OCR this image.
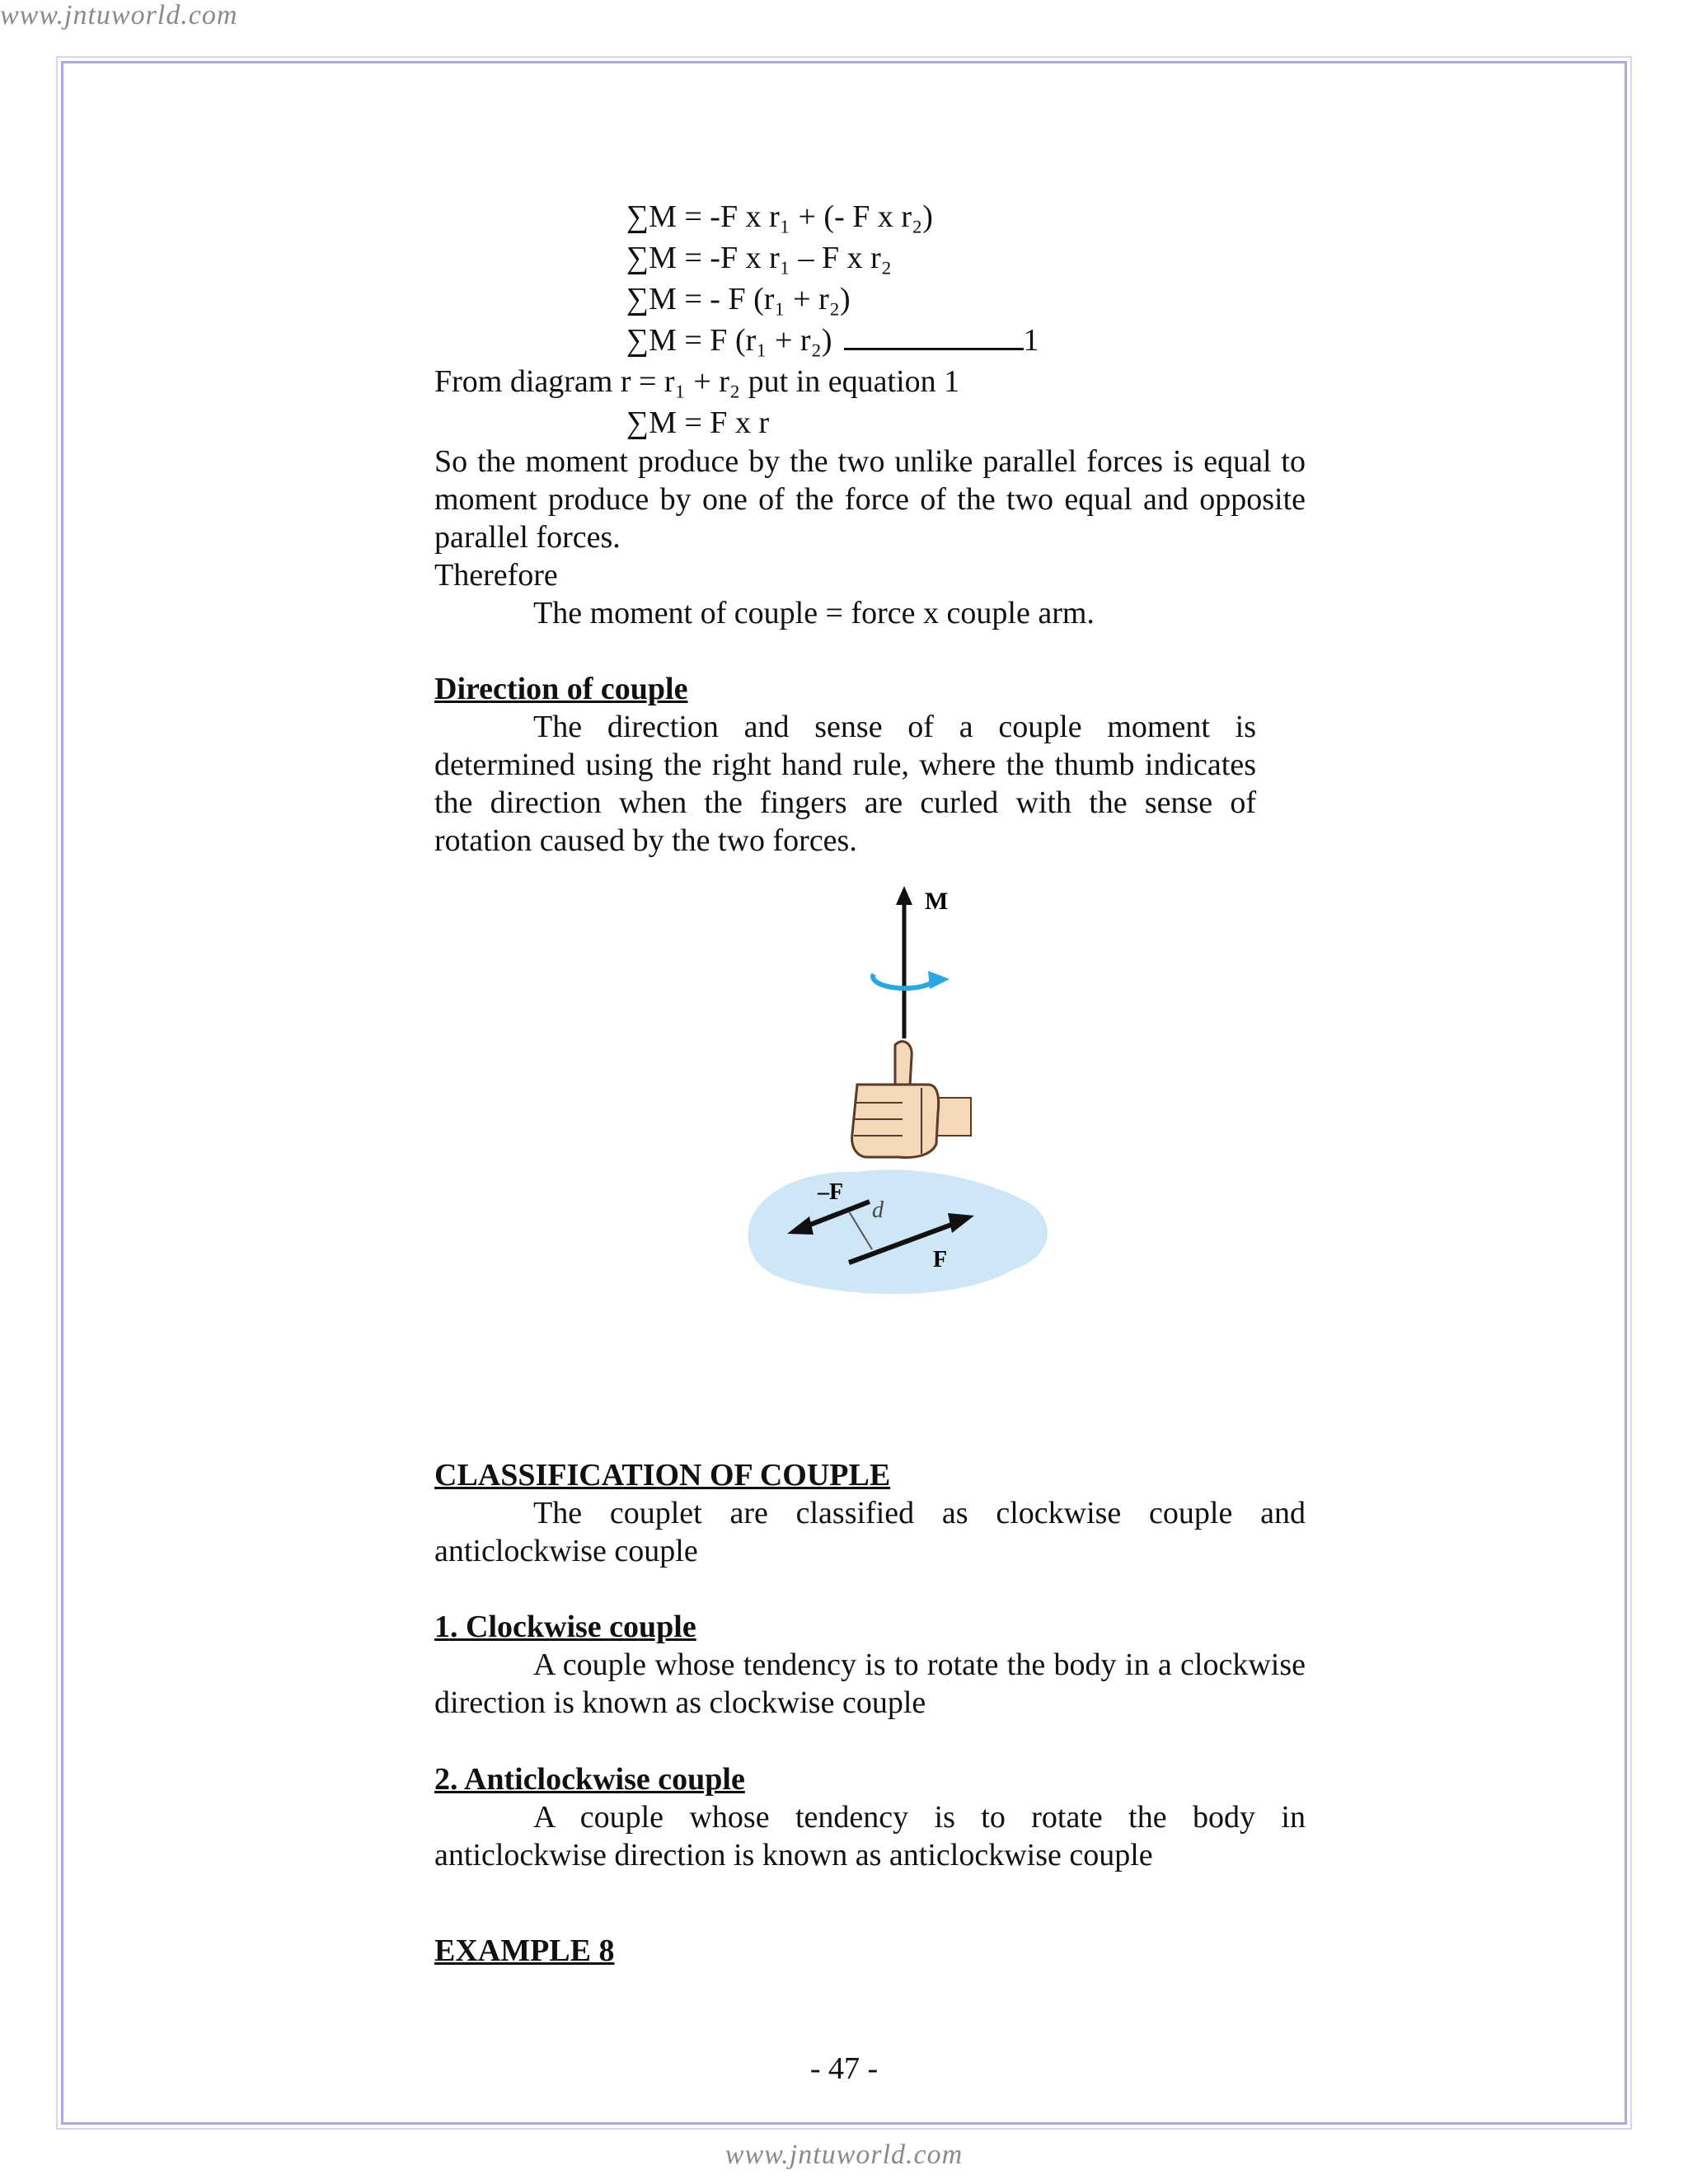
www.jntuworld.com
∑M = -F x r₁ + (- F x r₂)
∑M = -F x r₁ – F x r₂
∑M = - F (r₁ + r₂)
∑M = F (r₁ + r₂)	1
From diagram r = r₁ + r₂ put in equation 1
∑M = F x r
So the moment produce by the two unlike parallel forces is equal to moment produce by one of the force of the two equal and opposite parallel forces.
Therefore
The moment of couple = force x couple arm.
Direction of couple
The direction and sense of a couple moment is determined using the right hand rule, where the thumb indicates the direction when the fingers are curled with the sense of rotation caused by the two forces.
M
–F
F
d
CLASSIFICATION OF COUPLE
The couplet are classified as clockwise couple and anticlockwise couple
1. Clockwise couple
A couple whose tendency is to rotate the body in a clockwise direction is known as clockwise couple
2. Anticlockwise couple
A couple whose tendency is to rotate the body in anticlockwise direction is known as anticlockwise couple
EXAMPLE 8
- 47 -
www.jntuworld.com
